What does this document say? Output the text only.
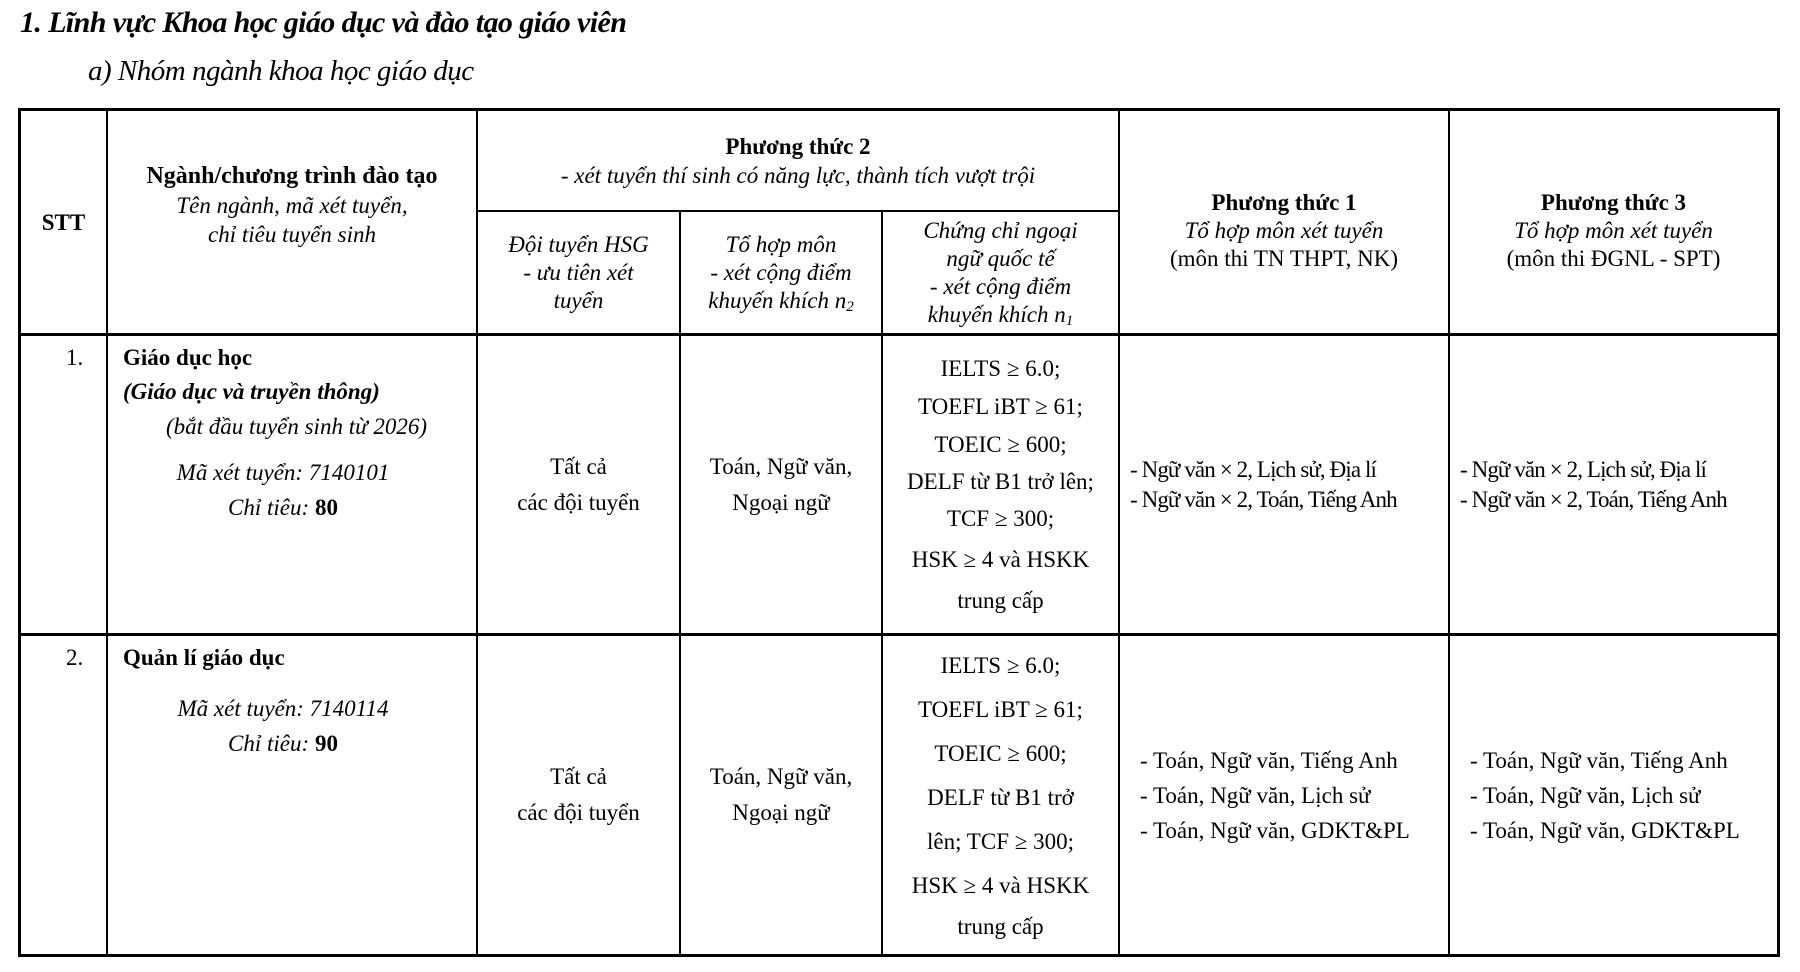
1. Lĩnh vực Khoa học giáo dục và đào tạo giáo viên
a) Nhóm ngành khoa học giáo dục
STT
Ngành/chương trình đào tạo
Tên ngành, mã xét tuyển,
chỉ tiêu tuyển sinh
Phương thức 2
- xét tuyển thí sinh có năng lực, thành tích vượt trội
Đội tuyển HSG
- ưu tiên xét
tuyển
Tổ hợp môn
- xét cộng điểm
khuyến khích $n_2$
Chứng chỉ ngoại
ngữ quốc tế
- xét cộng điểm
khuyến khích $n_1$
Phương thức 1
Tổ hợp môn xét tuyển
(môn thi TN THPT, NK)
Phương thức 3
Tổ hợp môn xét tuyển
(môn thi ĐGNL - SPT)
1. Giáo dục học
(Giáo dục và truyền thông)
(bắt đầu tuyển sinh từ 2026)
Mã xét tuyển: 7140101
Chỉ tiêu: 80
Tất cả
các đội tuyển
Toán, Ngữ văn,
Ngoại ngữ
IELTS ≥ 6.0;
TOEFL iBT ≥ 61;
TOEIC ≥ 600;
DELF từ B1 trở lên;
TCF ≥ 300;
HSK ≥ 4 và HSKK
trung cấp
- Ngữ văn × 2, Lịch sử, Địa lí
- Ngữ văn × 2, Toán, Tiếng Anh
- Ngữ văn × 2, Lịch sử, Địa lí
- Ngữ văn × 2, Toán, Tiếng Anh
2. Quản lí giáo dục
Mã xét tuyển: 7140114
Chỉ tiêu: 90
Tất cả
các đội tuyển
Toán, Ngữ văn,
Ngoại ngữ
IELTS ≥ 6.0;
TOEFL iBT ≥ 61;
TOEIC ≥ 600;
DELF từ B1 trở
lên; TCF ≥ 300;
HSK ≥ 4 và HSKK
trung cấp
- Toán, Ngữ văn, Tiếng Anh
- Toán, Ngữ văn, Lịch sử
- Toán, Ngữ văn, GDKT&PL
- Toán, Ngữ văn, Tiếng Anh
- Toán, Ngữ văn, Lịch sử
- Toán, Ngữ văn, GDKT&PL
